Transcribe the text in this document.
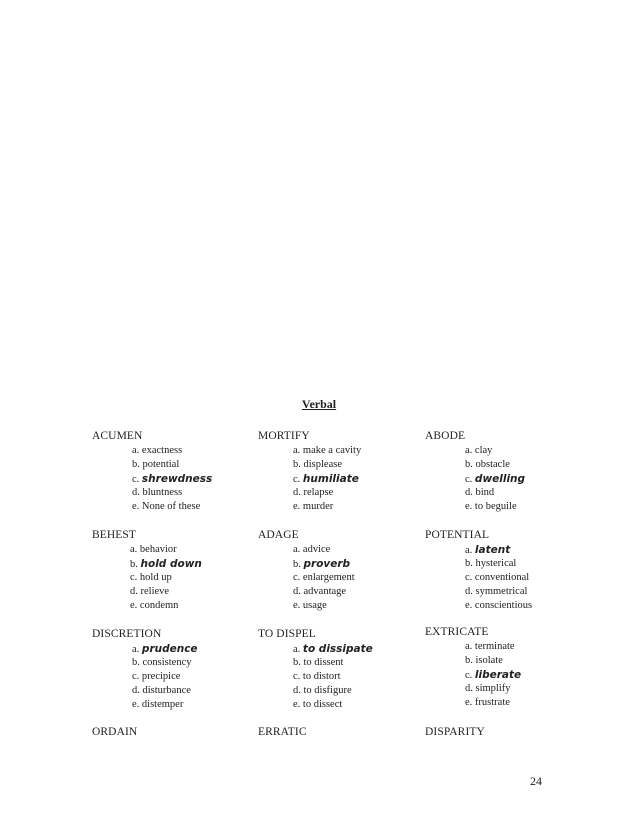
Verbal
ACUMEN
a. exactness
b. potential
c. shrewdness
d. bluntness
e. None of these
BEHEST
a. behavior
b. hold down
c. hold up
d. relieve
e. condemn
DISCRETION
a. prudence
b. consistency
c. precipice
d. disturbance
e. distemper
ORDAIN
MORTIFY
a. make a cavity
b. displease
c. humiliate
d. relapse
e. murder
ADAGE
a. advice
b. proverb
c. enlargement
d. advantage
e. usage
TO DISPEL
a. to dissipate
b. to dissent
c. to distort
d. to disfigure
e. to dissect
ERRATIC
ABODE
a. clay
b. obstacle
c. dwelling
d. bind
e. to beguile
POTENTIAL
a. latent
b. hysterical
c. conventional
d. symmetrical
e. conscientious
EXTRICATE
a. terminate
b. isolate
c. liberate
d. simplify
e. frustrate
DISPARITY
24
